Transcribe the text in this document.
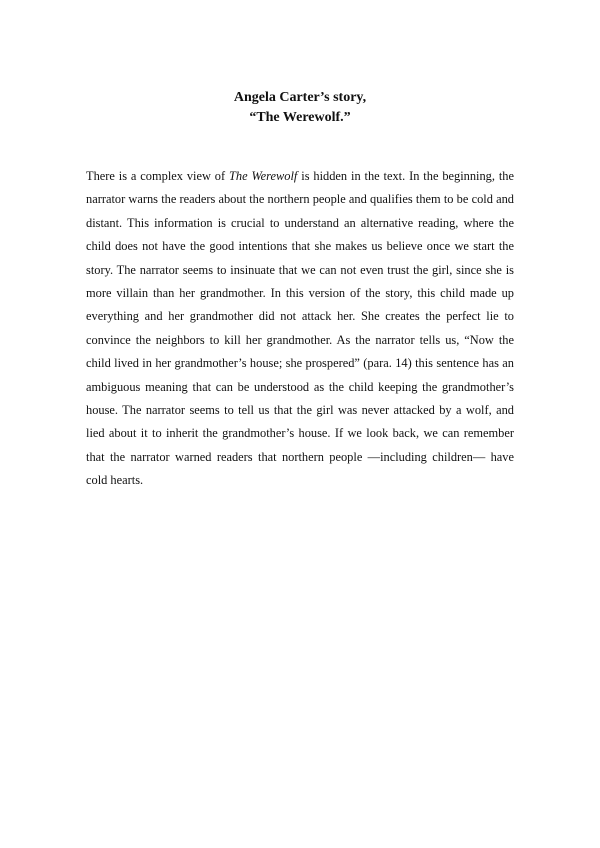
Angela Carter’s story,
“The Werewolf.”

There is a complex view of The Werewolf is hidden in the text. In the beginning, the narrator warns the readers about the northern people and qualifies them to be cold and distant. This information is crucial to understand an alternative reading, where the child does not have the good intentions that she makes us believe once we start the story. The narrator seems to insinuate that we can not even trust the girl, since she is more villain than her grandmother. In this version of the story, this child made up everything and her grandmother did not attack her. She creates the perfect lie to convince the neighbors to kill her grandmother. As the narrator tells us, “Now the child lived in her grandmother’s house; she prospered” (para. 14) this sentence has an ambiguous meaning that can be understood as the child keeping the grandmother’s house. The narrator seems to tell us that the girl was never attacked by a wolf, and lied about it to inherit the grandmother’s house. If we look back, we can remember that the narrator warned readers that northern people —including children— have cold hearts.
